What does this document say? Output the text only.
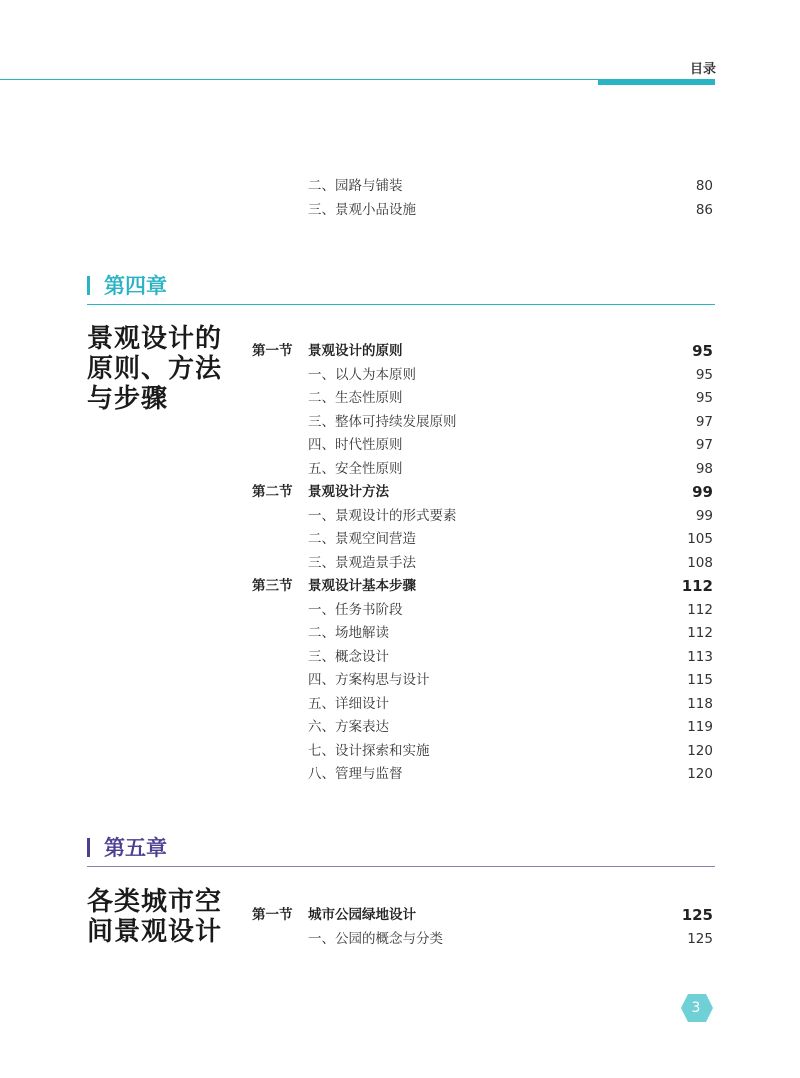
目录
二、园路与铺装	80
三、景观小品设施	86
第四章
景观设计的
原则、方法
与步骤
第一节 景观设计的原则	95
一、以人为本原则	95
二、生态性原则	95
三、整体可持续发展原则	97
四、时代性原则	97
五、安全性原则	98
第二节 景观设计方法	99
一、景观设计的形式要素	99
二、景观空间营造	105
三、景观造景手法	108
第三节 景观设计基本步骤	112
一、任务书阶段	112
二、场地解读	112
三、概念设计	113
四、方案构思与设计	115
五、详细设计	118
六、方案表达	119
七、设计探索和实施	120
八、管理与监督	120
第五章
各类城市空
间景观设计
第一节 城市公园绿地设计	125
一、公园的概念与分类	125
3
